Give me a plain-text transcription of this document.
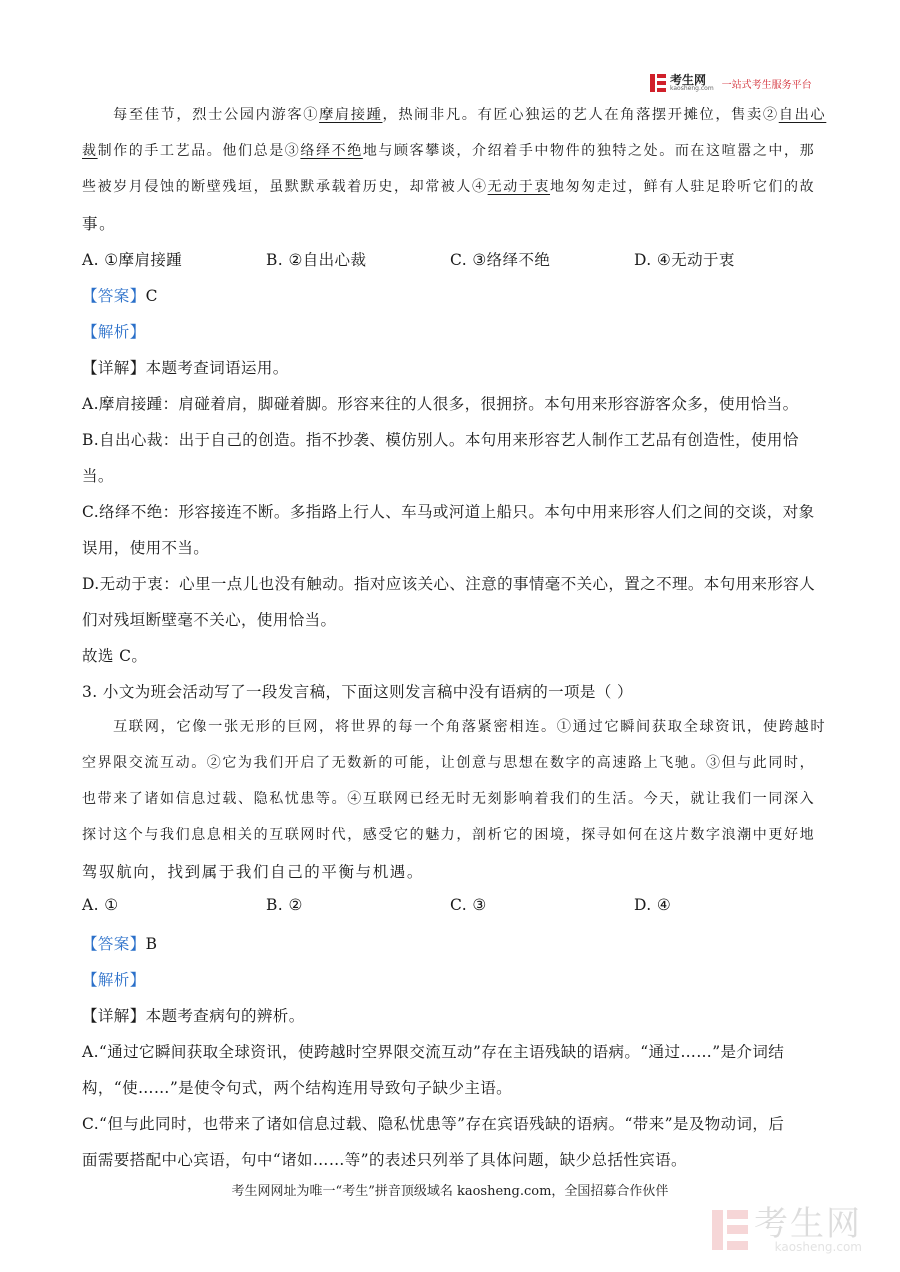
考生网
kaosheng.com 一站式考生服务平台
每至佳节，烈士公园内游客①摩肩接踵，热闹非凡。有匠心独运的艺人在角落摆开摊位，售卖②自出心
裁制作的手工艺品。他们总是③络绎不绝地与顾客攀谈，介绍着手中物件的独特之处。而在这喧嚣之中，那
些被岁月侵蚀的断壁残垣，虽默默承载着历史，却常被人④无动于衷地匆匆走过，鲜有人驻足聆听它们的故
事。
A. ①摩肩接踵	B. ②自出心裁	C. ③络绎不绝	D. ④无动于衷
【答案】C
【解析】
【详解】本题考查词语运用。
A.摩肩接踵：肩碰着肩，脚碰着脚。形容来往的人很多，很拥挤。本句用来形容游客众多，使用恰当。
B.自出心裁：出于自己的创造。指不抄袭、模仿别人。本句用来形容艺人制作工艺品有创造性，使用恰
当。
C.络绎不绝：形容接连不断。多指路上行人、车马或河道上船只。本句中用来形容人们之间的交谈，对象
误用，使用不当。
D.无动于衷：心里一点儿也没有触动。指对应该关心、注意的事情毫不关心，置之不理。本句用来形容人
们对残垣断壁毫不关心，使用恰当。
故选 C。
3. 小文为班会活动写了一段发言稿，下面这则发言稿中没有语病的一项是（ ）
互联网，它像一张无形的巨网，将世界的每一个角落紧密相连。①通过它瞬间获取全球资讯，使跨越时
空界限交流互动。②它为我们开启了无数新的可能，让创意与思想在数字的高速路上飞驰。③但与此同时，
也带来了诸如信息过载、隐私忧患等。④互联网已经无时无刻影响着我们的生活。今天，就让我们一同深入
探讨这个与我们息息相关的互联网时代，感受它的魅力，剖析它的困境，探寻如何在这片数字浪潮中更好地
驾驭航向，找到属于我们自己的平衡与机遇。
A. ①	B. ②	C. ③	D. ④
【答案】B
【解析】
【详解】本题考查病句的辨析。
A.“通过它瞬间获取全球资讯，使跨越时空界限交流互动”存在主语残缺的语病。“通过……”是介词结
构，“使……”是使令句式，两个结构连用导致句子缺少主语。
C.“但与此同时，也带来了诸如信息过载、隐私忧患等”存在宾语残缺的语病。“带来”是及物动词，后
面需要搭配中心宾语，句中“诸如……等”的表述只列举了具体问题，缺少总括性宾语。
考生网网址为唯一“考生”拼音顶级域名 kaosheng.com，全国招募合作伙伴
考生网
kaosheng.com
